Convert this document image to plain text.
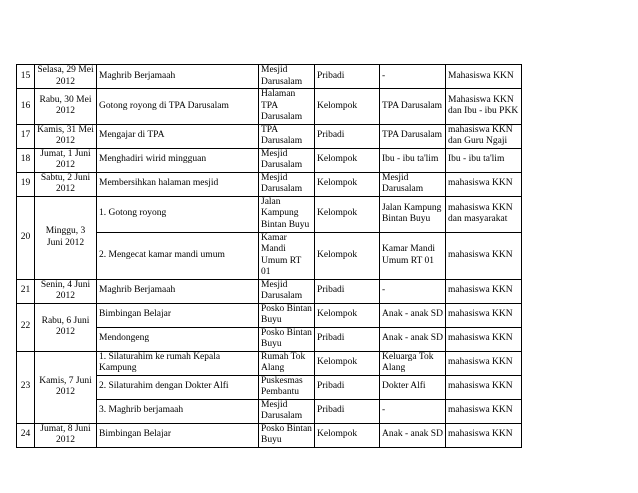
15	Selasa, 29 Mei 2012	Maghrib Berjamaah	Mesjid Darusalam	Pribadi	-	Mahasiswa KKN
16	Rabu, 30 Mei 2012	Gotong royong di TPA Darusalam	Halaman TPA Darusalam	Kelompok	TPA Darusalam	Mahasiswa KKN dan Ibu - ibu PKK
17	Kamis, 31 Mei 2012	Mengajar di TPA	TPA Darusalam	Pribadi	TPA Darusalam	mahasiswa KKN dan Guru Ngaji
18	Jumat, 1 Juni 2012	Menghadiri wirid mingguan	Mesjid Darusalam	Kelompok	Ibu - ibu ta'lim	Ibu - ibu ta'lim
19	Sabtu, 2 Juni 2012	Membersihkan halaman mesjid	Mesjid Darusalam	Kelompok	Mesjid Darusalam	mahasiswa KKN
20	Minggu, 3 Juni 2012	1. Gotong royong	Jalan Kampung Bintan Buyu	Kelompok	Jalan Kampung Bintan Buyu	mahasiswa KKN dan masyarakat
		2. Mengecat kamar mandi umum	Kamar Mandi Umum RT 01	Kelompok	Kamar Mandi Umum RT 01	mahasiswa KKN
21	Senin, 4 Juni 2012	Maghrib Berjamaah	Mesjid Darusalam	Pribadi	-	mahasiswa KKN
22	Rabu, 6 Juni 2012	Bimbingan Belajar	Posko Bintan Buyu	Kelompok	Anak - anak SD	mahasiswa KKN
		Mendongeng	Posko Bintan Buyu	Pribadi	Anak - anak SD	mahasiswa KKN
23	Kamis, 7 Juni 2012	1. Silaturahim ke rumah Kepala Kampung	Rumah Tok Alang	Kelompok	Keluarga Tok Alang	mahasiswa KKN
		2. Silaturahim dengan Dokter Alfi	Puskesmas Pembantu	Pribadi	Dokter Alfi	mahasiswa KKN
		3. Maghrib berjamaah	Mesjid Darusalam	Pribadi	-	mahasiswa KKN
24	Jumat, 8 Juni 2012	Bimbingan Belajar	Posko Bintan Buyu	Kelompok	Anak - anak SD	mahasiswa KKN
